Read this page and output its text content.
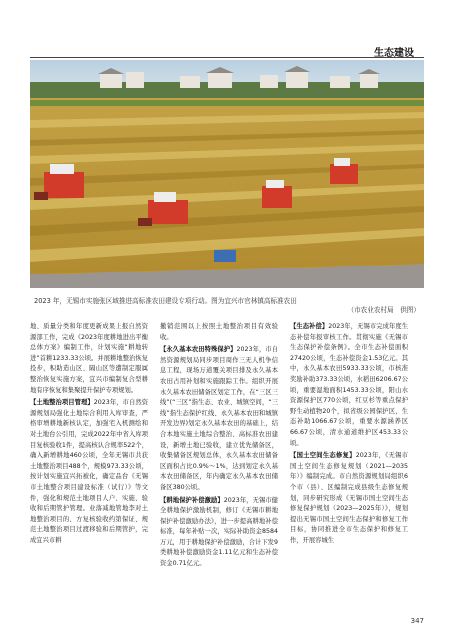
生态建设
2023 年，无锡市实施张区域推进高标准农田建设专项行动。图为宜兴市官林镇高标准农田
（市农业农村局　供图）

地、质量分类和年度更新成果上报自然资源部工作，完成《2023年度耕地进出平衡总体方案》编制工作，计划实施“耕地转进”首耕1233.33公顷。并展耕地整治恢复投步，积助造山区、隔山区等遭制定服属整治恢复实施方案，宜兴市编制复合型耕地有序恢复和集聚提升保护专项规划。

【土地整治项目管理】2023年，市自然资源规划局强化土地综合利用入库审查，严格审增耕地新核认定，加强宅入机测绘和对土地台公引用，完成2022年中省入库项目复核验收1件，提高核认合规率522个，确入新增耕地460公顷，全年无锡市共获土地整治项目488个，规模973.33公顷，按计划实施宜兴拓被化，确定品台《无锡市土地整合项目建设标准（试行）》等文件，强化和规范土地项目人户、实施、验收和后期管护管理。业落减地管地李对土地整治项目的、方复核验收约第保证、规范土地整治项目过渡移验和后期管护，完成宜兴市耕

撤销范围以上按照土地整治项目有效验收。

【永久基本农田特殊保护】2023年，市自然资源规划局同步项目周作三无人机争信息工程，现场万道覆关项目排及永久基本农田占用补划和实施跟踪工作。组织开展永久基本农田储备区划定工作，在“三区三线”(“三区”指生态、农业、城镇空间，“三线”指生态保护红线、永久基本农田和城镇开发边界)划定永久基本农田的基础上，结合本地实施土地综合整治、高标准农田建设，新增土地已验收，建立优先储备区，收集储备区规划总体，永久基本农田储备区面积占比0.9%～1%，达到划定永久基本农田储备区，年内确定永久基本农田储备区380公顷。

【耕地保护补偿激励】2023年，无锡市健全耕地保护激励机制，修订《无锡市耕地保护补偿激励办法》，进一步提高耕地补偿标准，每年补贴一次，实际补助资金8584万元，用于耕地保护补偿激励，合计下发9类耕地补偿激励资金1.11亿元和生态补偿资金0.71亿元。

【生态补偿】2023年，无锡市完成年度生态补偿年报审核工作。贯彻实施《无锡市生态保护补偿条例》。全市生态补偿面积27420公顷，生态补偿资金1.53亿元。其中，永久基本农田5933.33公顷，市核准奖励补助373.33公顷，水稻田6206.67公顷，重要湿地面积1453.33公顷，阳山水资源保护区770公顷，红豆杉等重点保护野生动植物20个，拟省级公园保护区，生态补助1066.67公顷，重要水源涵养区66.67公顷，清水通道维护区453.33公顷。

【国土空间生态修复】2023年，《无锡市国土空间生态修复规划（2021—2035年）》编制完成。市自然资源规划局组织6个市（县）、区编制完成县级生态修复规划，同步研究形成《无锡市国土空间生态修复保护规划（2023—2025年）》，规划提出无锡市国土空间生态保护和修复工作目标，协同推进全市生态保护和修复工作，开展容城生

347
